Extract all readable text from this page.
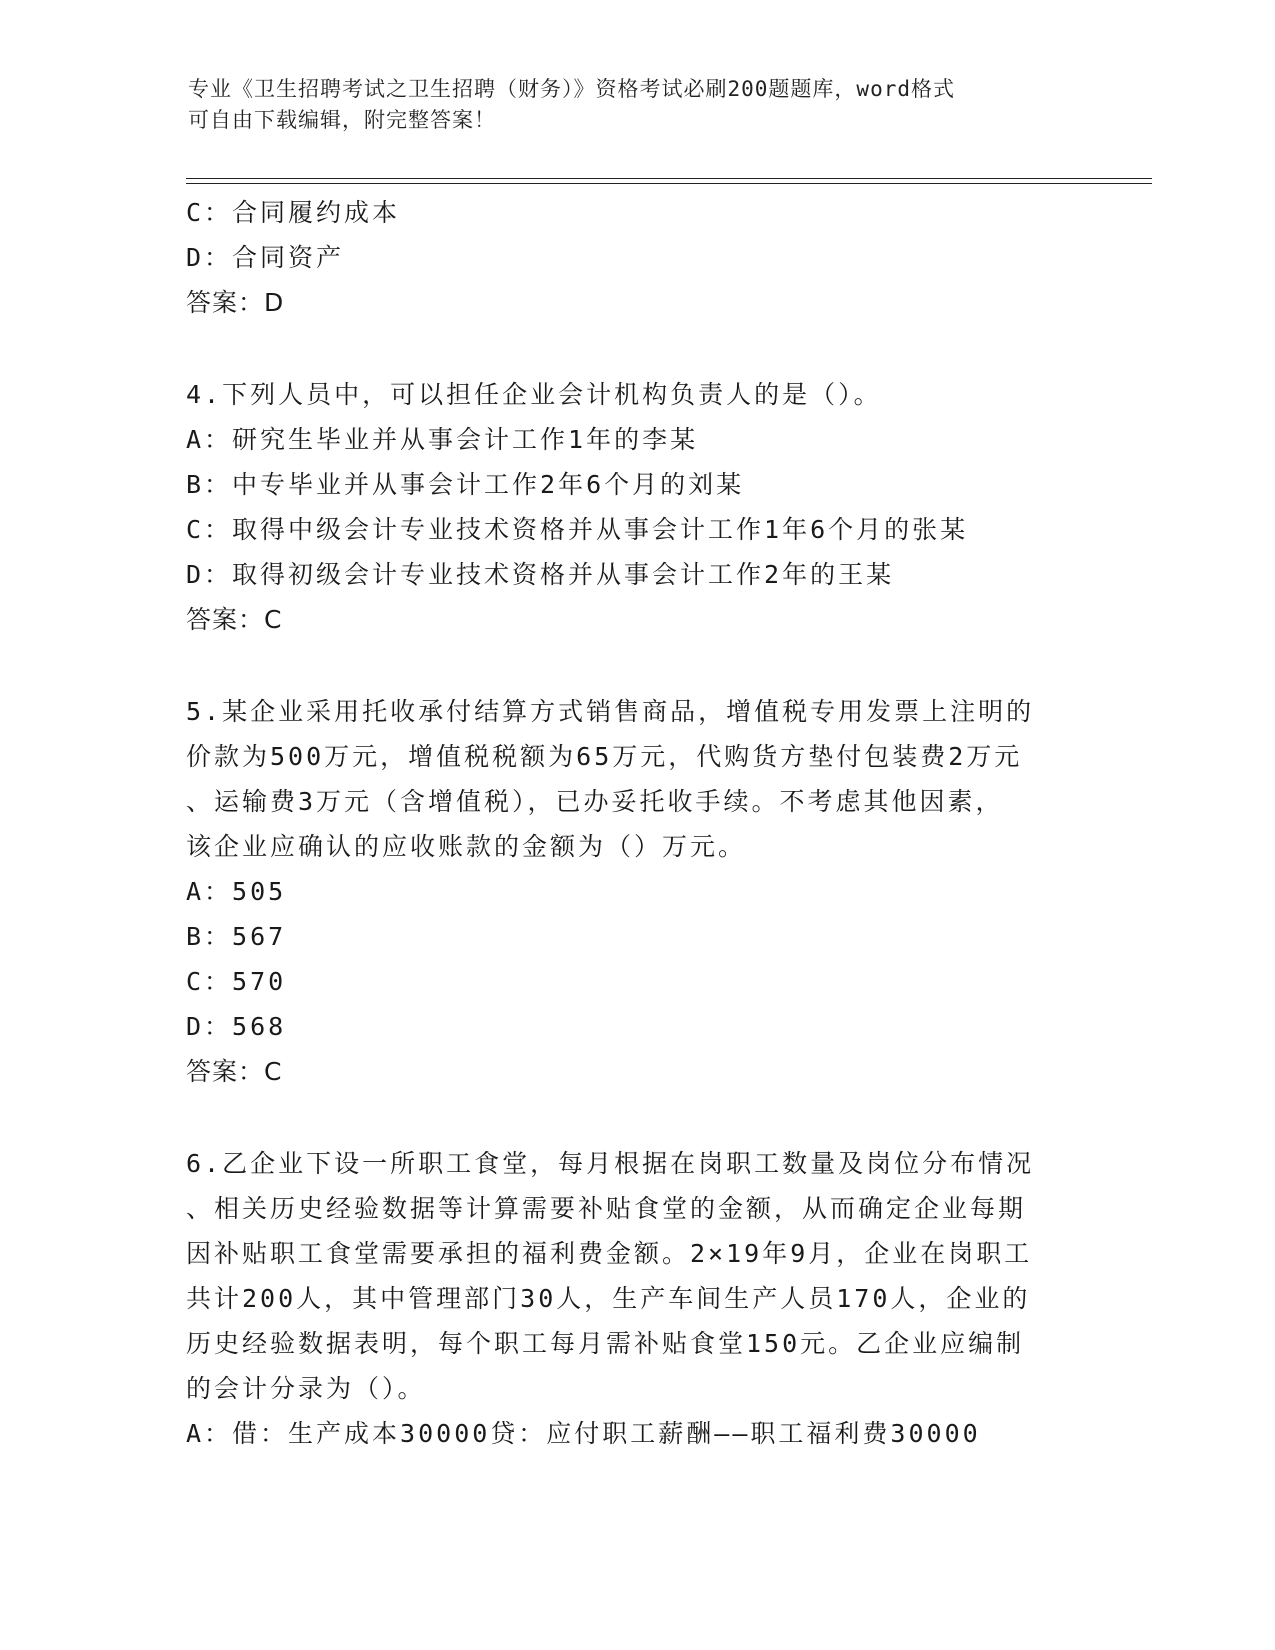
专业《卫生招聘考试之卫生招聘（财务）》资格考试必刷200题题库，word格式
可自由下载编辑，附完整答案！
C：合同履约成本
D：合同资产
答案：D
4.下列人员中，可以担任企业会计机构负责人的是（）。
A：研究生毕业并从事会计工作1年的李某
B：中专毕业并从事会计工作2年6个月的刘某
C：取得中级会计专业技术资格并从事会计工作1年6个月的张某
D：取得初级会计专业技术资格并从事会计工作2年的王某
答案：C
5.某企业采用托收承付结算方式销售商品，增值税专用发票上注明的
价款为500万元，增值税税额为65万元，代购货方垫付包装费2万元
、运输费3万元（含增值税），已办妥托收手续。不考虑其他因素，
该企业应确认的应收账款的金额为（）万元。
A：505
B：567
C：570
D：568
答案：C
6.乙企业下设一所职工食堂，每月根据在岗职工数量及岗位分布情况
、相关历史经验数据等计算需要补贴食堂的金额，从而确定企业每期
因补贴职工食堂需要承担的福利费金额。2×19年9月，企业在岗职工
共计200人，其中管理部门30人，生产车间生产人员170人，企业的
历史经验数据表明，每个职工每月需补贴食堂150元。乙企业应编制
的会计分录为（）。
A：借：生产成本30000贷：应付职工薪酬——职工福利费30000
